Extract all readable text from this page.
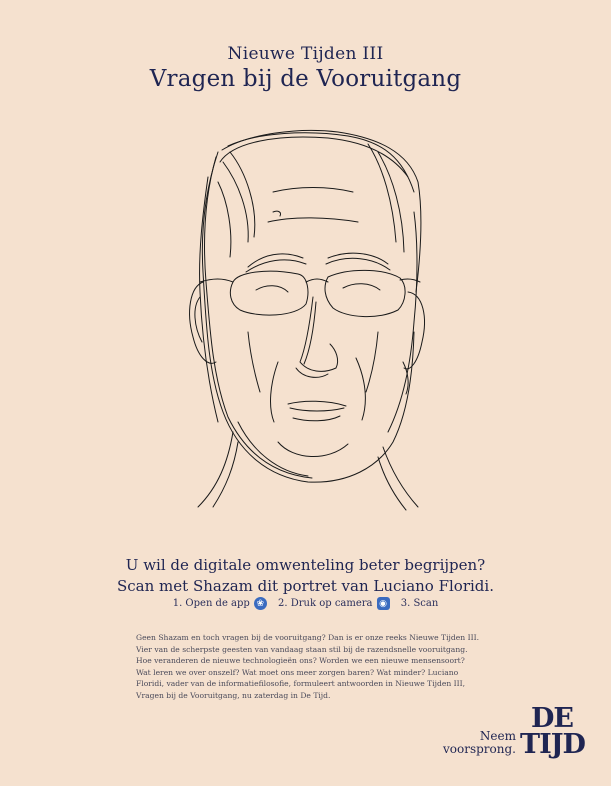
Nieuwe Tijden III
Vragen bij de Vooruitgang
U wil de digitale omwenteling beter begrijpen?
Scan met Shazam dit portret van Luciano Floridi.
1. Open de app ❀
2. Druk op camera ◉
3. Scan
Geen Shazam en toch vragen bij de vooruitgang? Dan is er onze reeks Nieuwe Tijden III. Vier van de scherpste geesten van vandaag staan stil bij de razendsnelle vooruitgang. Hoe veranderen de nieuwe technologieën ons? Worden we een nieuwe mensensoort? Wat leren we over onszelf? Wat moet ons meer zorgen baren? Wat minder? Luciano Floridi, vader van de informatiefilosofie, formuleert antwoorden in Nieuwe Tijden III, Vragen bij de Vooruitgang, nu zaterdag in De Tijd.
Neem
voorsprong.
DE
TIJD
